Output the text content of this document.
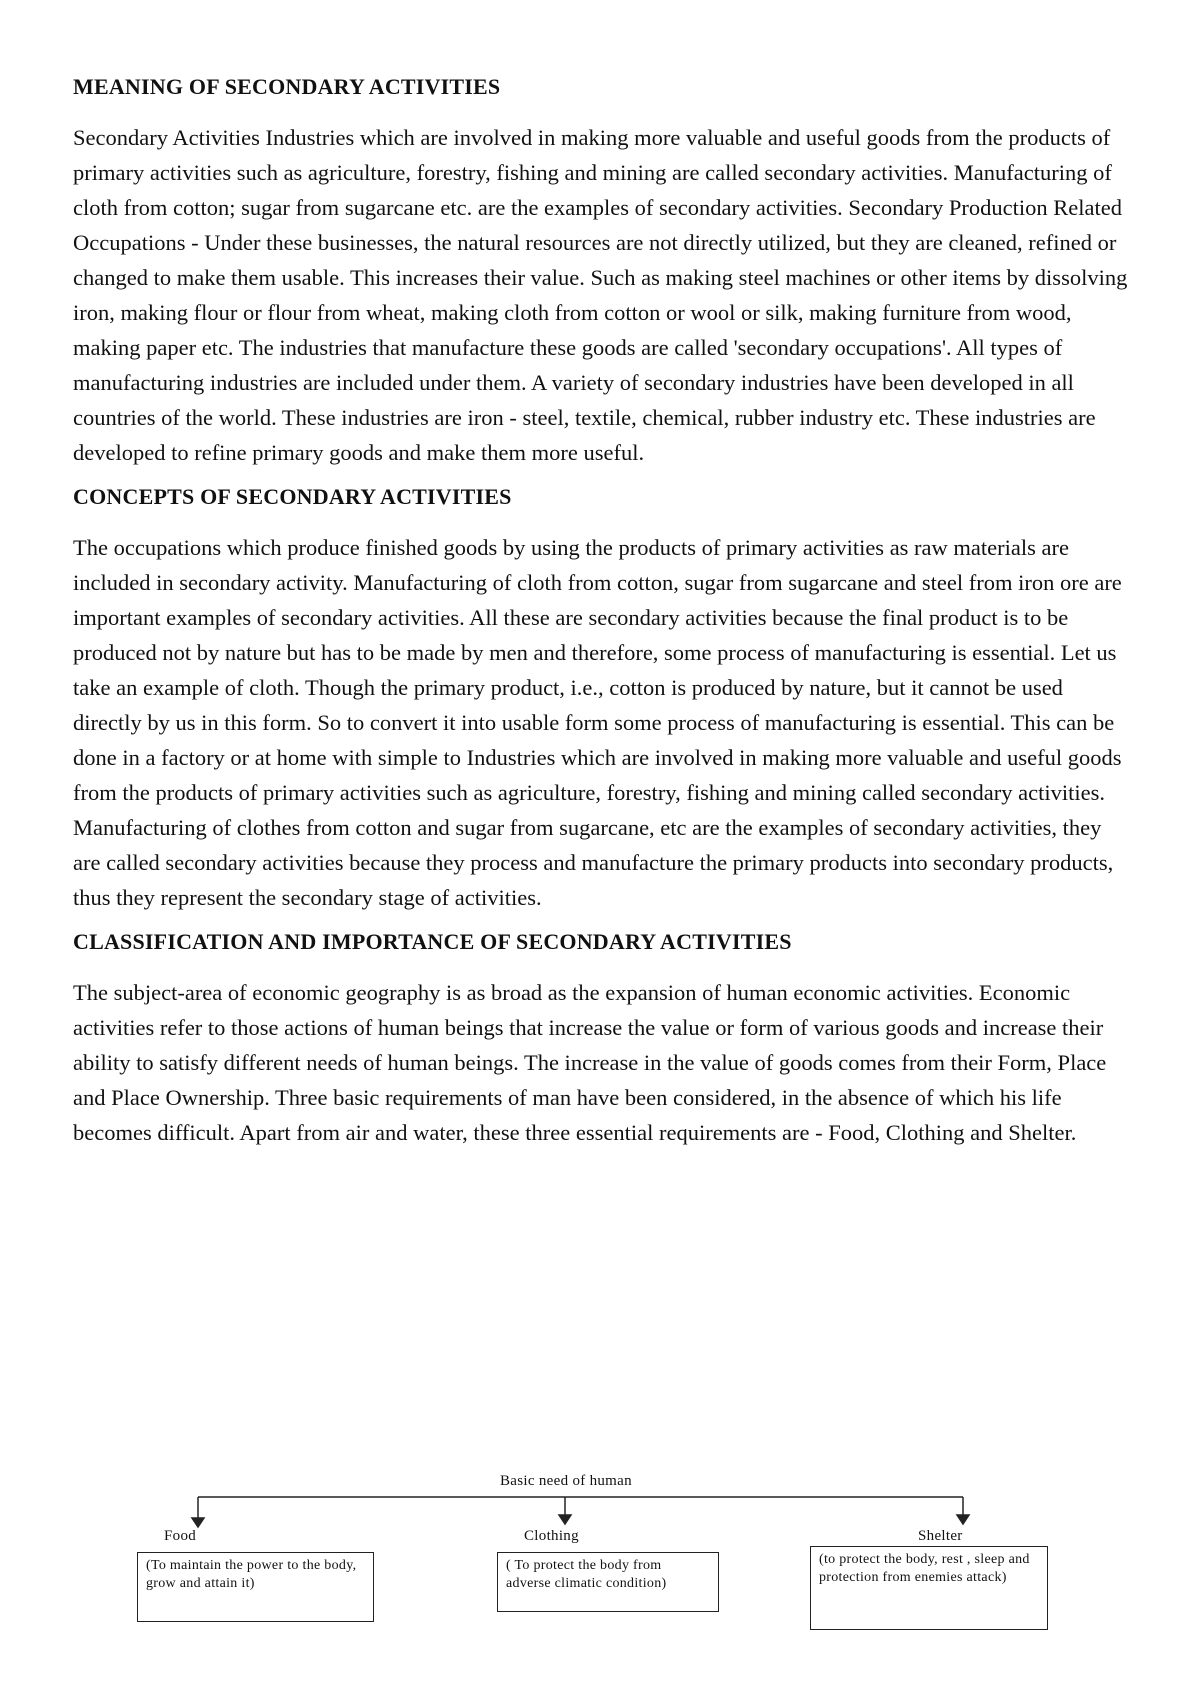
MEANING OF SECONDARY ACTIVITIES

Secondary Activities Industries which are involved in making more valuable and useful goods from the products of primary activities such as agriculture, forestry, fishing and mining are called secondary activities. Manufacturing of cloth from cotton; sugar from sugarcane etc. are the examples of secondary activities. Secondary Production Related Occupations - Under these businesses, the natural resources are not directly utilized, but they are cleaned, refined or changed to make them usable. This increases their value. Such as making steel machines or other items by dissolving iron, making flour or flour from wheat, making cloth from cotton or wool or silk, making furniture from wood, making paper etc. The industries that manufacture these goods are called 'secondary occupations'. All types of manufacturing industries are included under them. A variety of secondary industries have been developed in all countries of the world. These industries are iron - steel, textile, chemical, rubber industry etc. These industries are developed to refine primary goods and make them more useful.

CONCEPTS OF SECONDARY ACTIVITIES

The occupations which produce finished goods by using the products of primary activities as raw materials are included in secondary activity. Manufacturing of cloth from cotton, sugar from sugarcane and steel from iron ore are important examples of secondary activities. All these are secondary activities because the final product is to be produced not by nature but has to be made by men and therefore, some process of manufacturing is essential. Let us take an example of cloth. Though the primary product, i.e., cotton is produced by nature, but it cannot be used directly by us in this form. So to convert it into usable form some process of manufacturing is essential. This can be done in a factory or at home with simple to Industries which are involved in making more valuable and useful goods from the products of primary activities such as agriculture, forestry, fishing and mining called secondary activities. Manufacturing of clothes from cotton and sugar from sugarcane, etc are the examples of secondary activities, they are called secondary activities because they process and manufacture the primary products into secondary products, thus they represent the secondary stage of activities.

CLASSIFICATION AND IMPORTANCE OF SECONDARY ACTIVITIES

The subject-area of economic geography is as broad as the expansion of human economic activities. Economic activities refer to those actions of human beings that increase the value or form of various goods and increase their ability to satisfy different needs of human beings. The increase in the value of goods comes from their Form, Place and Place Ownership. Three basic requirements of man have been considered, in the absence of which his life becomes difficult. Apart from air and water, these three essential requirements are - Food, Clothing and Shelter.

Basic need of human
Food
(To maintain the power to the body, grow and attain it)
Clothing
( To protect the body from adverse climatic condition)
Shelter
(to protect the body, rest , sleep and protection from enemies attack)
